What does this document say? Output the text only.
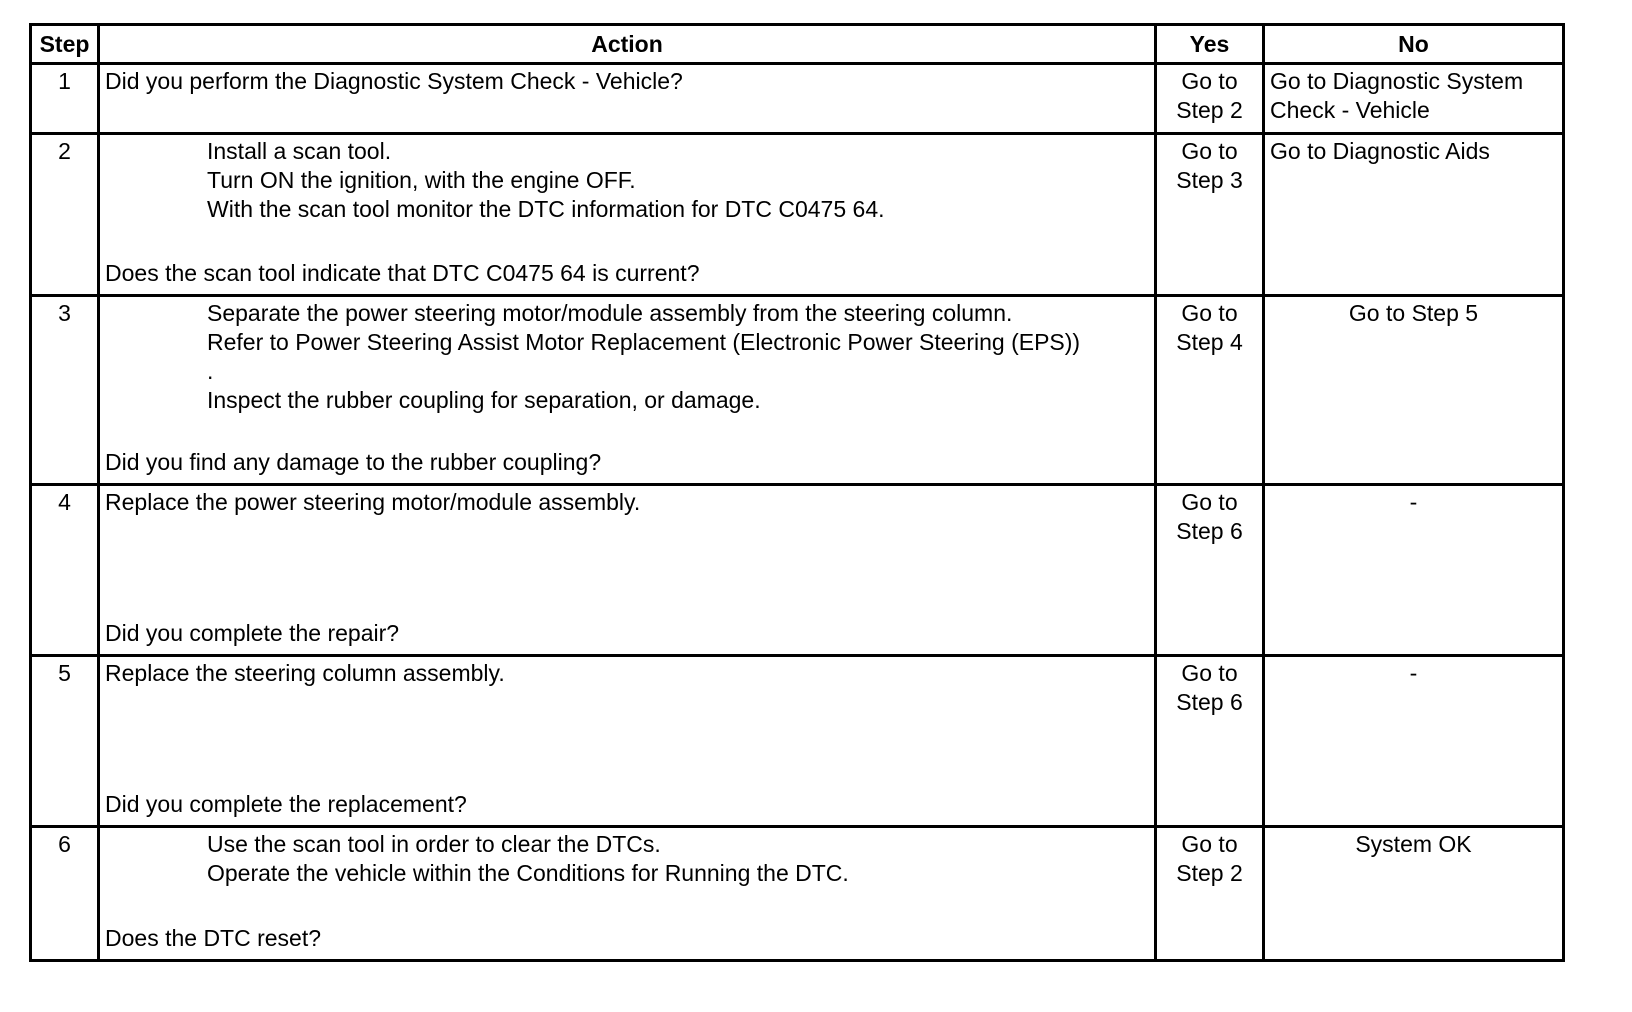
Step	Action	Yes	No
1	Did you perform the Diagnostic System Check - Vehicle?	Go to Step 2	Go to Diagnostic System Check - Vehicle
2	Install a scan tool.
Turn ON the ignition, with the engine OFF.
With the scan tool monitor the DTC information for DTC C0475 64.
Does the scan tool indicate that DTC C0475 64 is current?	Go to Step 3	Go to Diagnostic Aids
3	Separate the power steering motor/module assembly from the steering column.
Refer to Power Steering Assist Motor Replacement (Electronic Power Steering (EPS)) .
Inspect the rubber coupling for separation, or damage.
Did you find any damage to the rubber coupling?	Go to Step 4	Go to Step 5
4	Replace the power steering motor/module assembly.
Did you complete the repair?	Go to Step 6	-
5	Replace the steering column assembly.
Did you complete the replacement?	Go to Step 6	-
6	Use the scan tool in order to clear the DTCs.
Operate the vehicle within the Conditions for Running the DTC.
Does the DTC reset?	Go to Step 2	System OK
